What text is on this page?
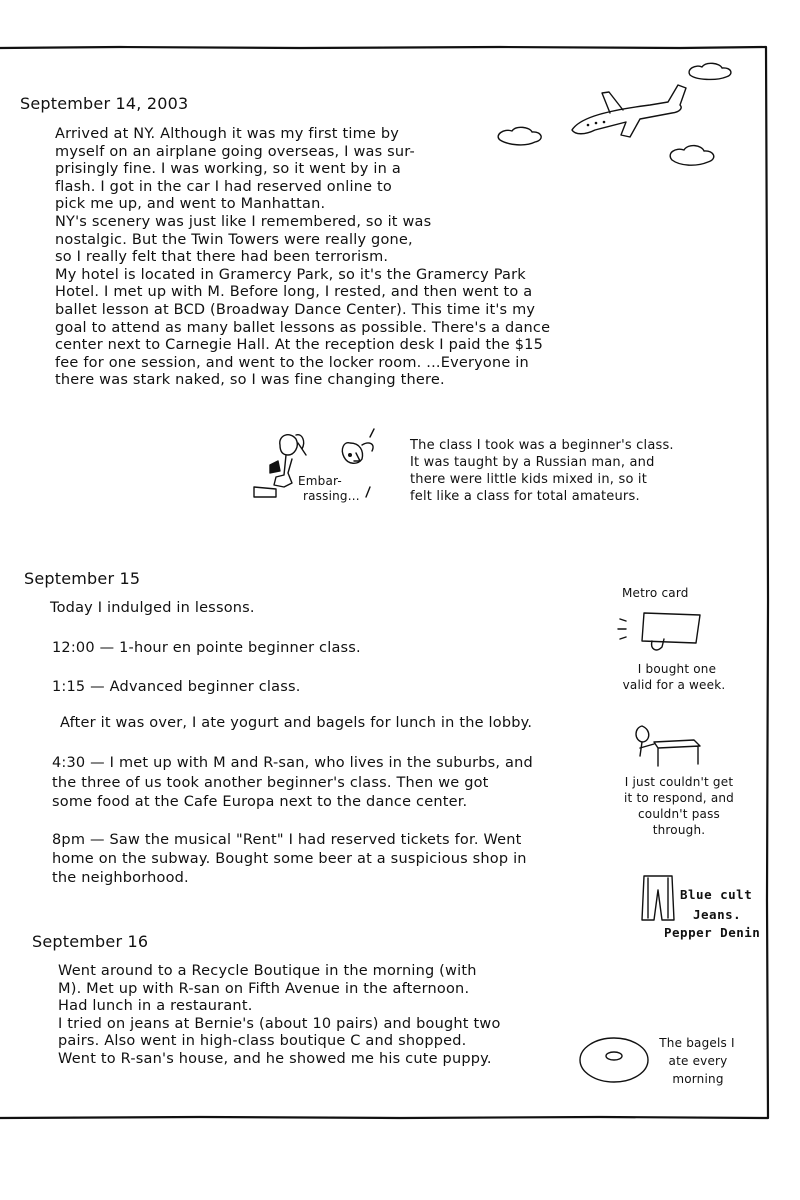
September 14, 2003
Arrived at NY. Although it was my first time by
myself on an airplane going overseas, I was sur-
prisingly fine. I was working, so it went by in a
flash. I got in the car I had reserved online to
pick me up, and went to Manhattan.
NY's scenery was just like I remembered, so it was
nostalgic. But the Twin Towers were really gone,
so I really felt that there had been terrorism.
My hotel is located in Gramercy Park, so it's the Gramercy Park
Hotel. I met up with M. Before long, I rested, and then went to a
ballet lesson at BCD (Broadway Dance Center). This time it's my
goal to attend as many ballet lessons as possible. There's a dance
center next to Carnegie Hall. At the reception desk I paid the $15
fee for one session, and went to the locker room. ...Everyone in
there was stark naked, so I was fine changing there.
Embar-
rassing...
The class I took was a beginner's class.
It was taught by a Russian man, and
there were little kids mixed in, so it
felt like a class for total amateurs.
September 15
Today I indulged in lessons.
12:00 — 1-hour en pointe beginner class.
1:15 — Advanced beginner class.
After it was over, I ate yogurt and bagels for lunch in the lobby.
4:30 — I met up with M and R-san, who lives in the suburbs, and
the three of us took another beginner's class. Then we got
some food at the Cafe Europa next to the dance center.
8pm — Saw the musical "Rent" I had reserved tickets for. Went
home on the subway. Bought some beer at a suspicious shop in
the neighborhood.
Metro card
I bought one
valid for a week.
I just couldn't get
it to respond, and
couldn't pass
through.
Blue cult
Jeans.
Pepper Denin
September 16
Went around to a Recycle Boutique in the morning (with
M). Met up with R-san on Fifth Avenue in the afternoon.
Had lunch in a restaurant.
I tried on jeans at Bernie's (about 10 pairs) and bought two
pairs. Also went in high-class boutique C and shopped.
Went to R-san's house, and he showed me his cute puppy.
The bagels I
ate every
morning
